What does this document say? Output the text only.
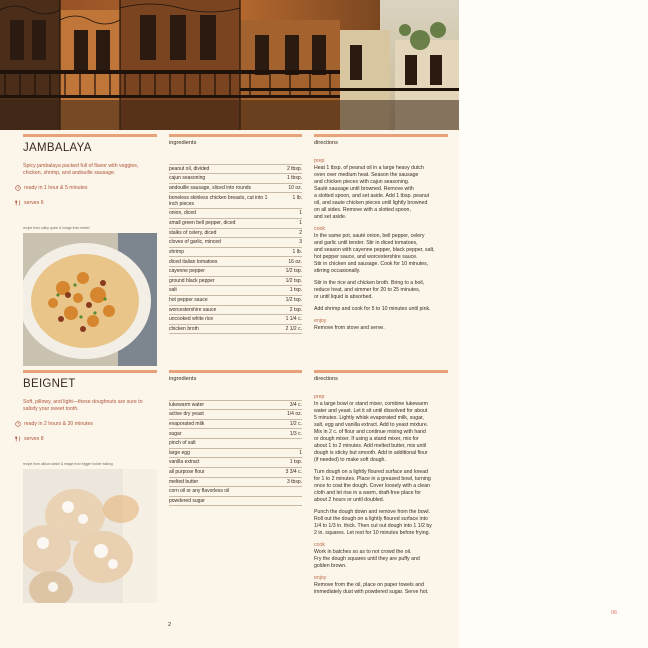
JAMBALAYA
Spicy jambalaya packed full of flavor with veggies, chicken, shrimp, and andouille sausage.
ready in 1 hour & 5 minutes
serves 6
recipe from cathy quinn & image from mebel
ingredients
peanut oil, divided	2 tbsp.
cajun seasoning	1 tbsp.
andouille sausage, sliced into rounds	10 oz.
boneless skinless chicken breasts, cut into 1 inch pieces	1 lb.
onion, diced	1
small green bell pepper, diced	1
stalks of celery, diced	2
cloves of garlic, minced	3
shrimp	1 lb.
diced italian tomatoes	16 oz.
cayenne pepper	1/2 tsp.
ground black pepper	1/2 tsp.
salt	1 tsp.
hot pepper sauce	1/2 tsp.
worcestershire sauce	2 tsp.
uncooked white rice	1 1/4 c.
chicken broth	2 1/2 c.
directions
prep
Heat 1 tbsp. of peanut oil in a large heavy dutch
oven over medium heat. Season the sausage
and chicken pieces with cajun seasoning.
Sauté sausage until browned. Remove with
a slotted spoon, and set aside. Add 1 tbsp. peanut
oil, and saute chicken pieces until lightly browned
on all sides. Remove with a slotted spoon,
and set aside.
cook
In the same pot, sauté onion, bell pepper, celery
and garlic until tender. Stir in diced tomatoes,
and season with cayenne pepper, black pepper, salt,
hot pepper sauce, and worcestershire sauce.
Stir in chicken and sausage. Cook for 10 minutes,
stirring occasionally.
Stir in the rice and chicken broth. Bring to a boil,
reduce heat, and simmer for 20 to 25 minutes,
or until liquid is absorbed.
Add shrimp and cook for 5 to 10 minutes until pink.
enjoy
Remove from stove and serve.
BEIGNET
Soft, pillowy, and light—these doughnuts are sure to satisfy your sweet tooth.
ready in 2 hours & 30 minutes
serves 8
recipe from allison drake & image from bigger bolder baking
ingredients
lukewarm water	3/4 c.
active dry yeast	1/4 oz.
evaporated milk	1/2 c.
sugar	1/3 c.
pinch of salt	
large egg	1
vanilla extract	1 tsp.
all purpose flour	3 3/4 c.
melted butter	3 tbsp.
corn oil or any flavorless oil	
powdered sugar	
directions
prep
In a large bowl or stand mixer, combine lukewarm
water and yeast. Let it sit until dissolved for about
5 minutes. Lightly whisk evaporated milk, sugar,
salt, egg and vanilla extract. Add to yeast mixture.
Mix in 2 c. of flour and continue mixing with hand
or dough mixer. If using a stand mixer, mix for
about 1 to 2 minutes. Add melted butter, mix until
dough is sticky but smooth. Add in additional flour
(if needed) to make soft dough.
Turn dough on a lightly floured surface and knead
for 1 to 2 minutes. Place in a greased bowl, turning
once to coat the dough. Cover loosely with a clean
cloth and let rise in a warm, draft-free place for
about 2 hours or until doubled.
Punch the dough down and remove from the bowl.
Roll out the dough on a lightly floured surface into
1/4 to 1/3 in. thick. Then cut out dough into 1 1/2 by
2 in. squares. Let rest for 10 minutes before frying.
cook
Work in batches so as to not crowd the oil.
Fry the dough squares until they are puffy and
golden brown.
enjoy
Remove from the oil, place on paper towels and
immediately dust with powdered sugar. Serve hot.
2
06
